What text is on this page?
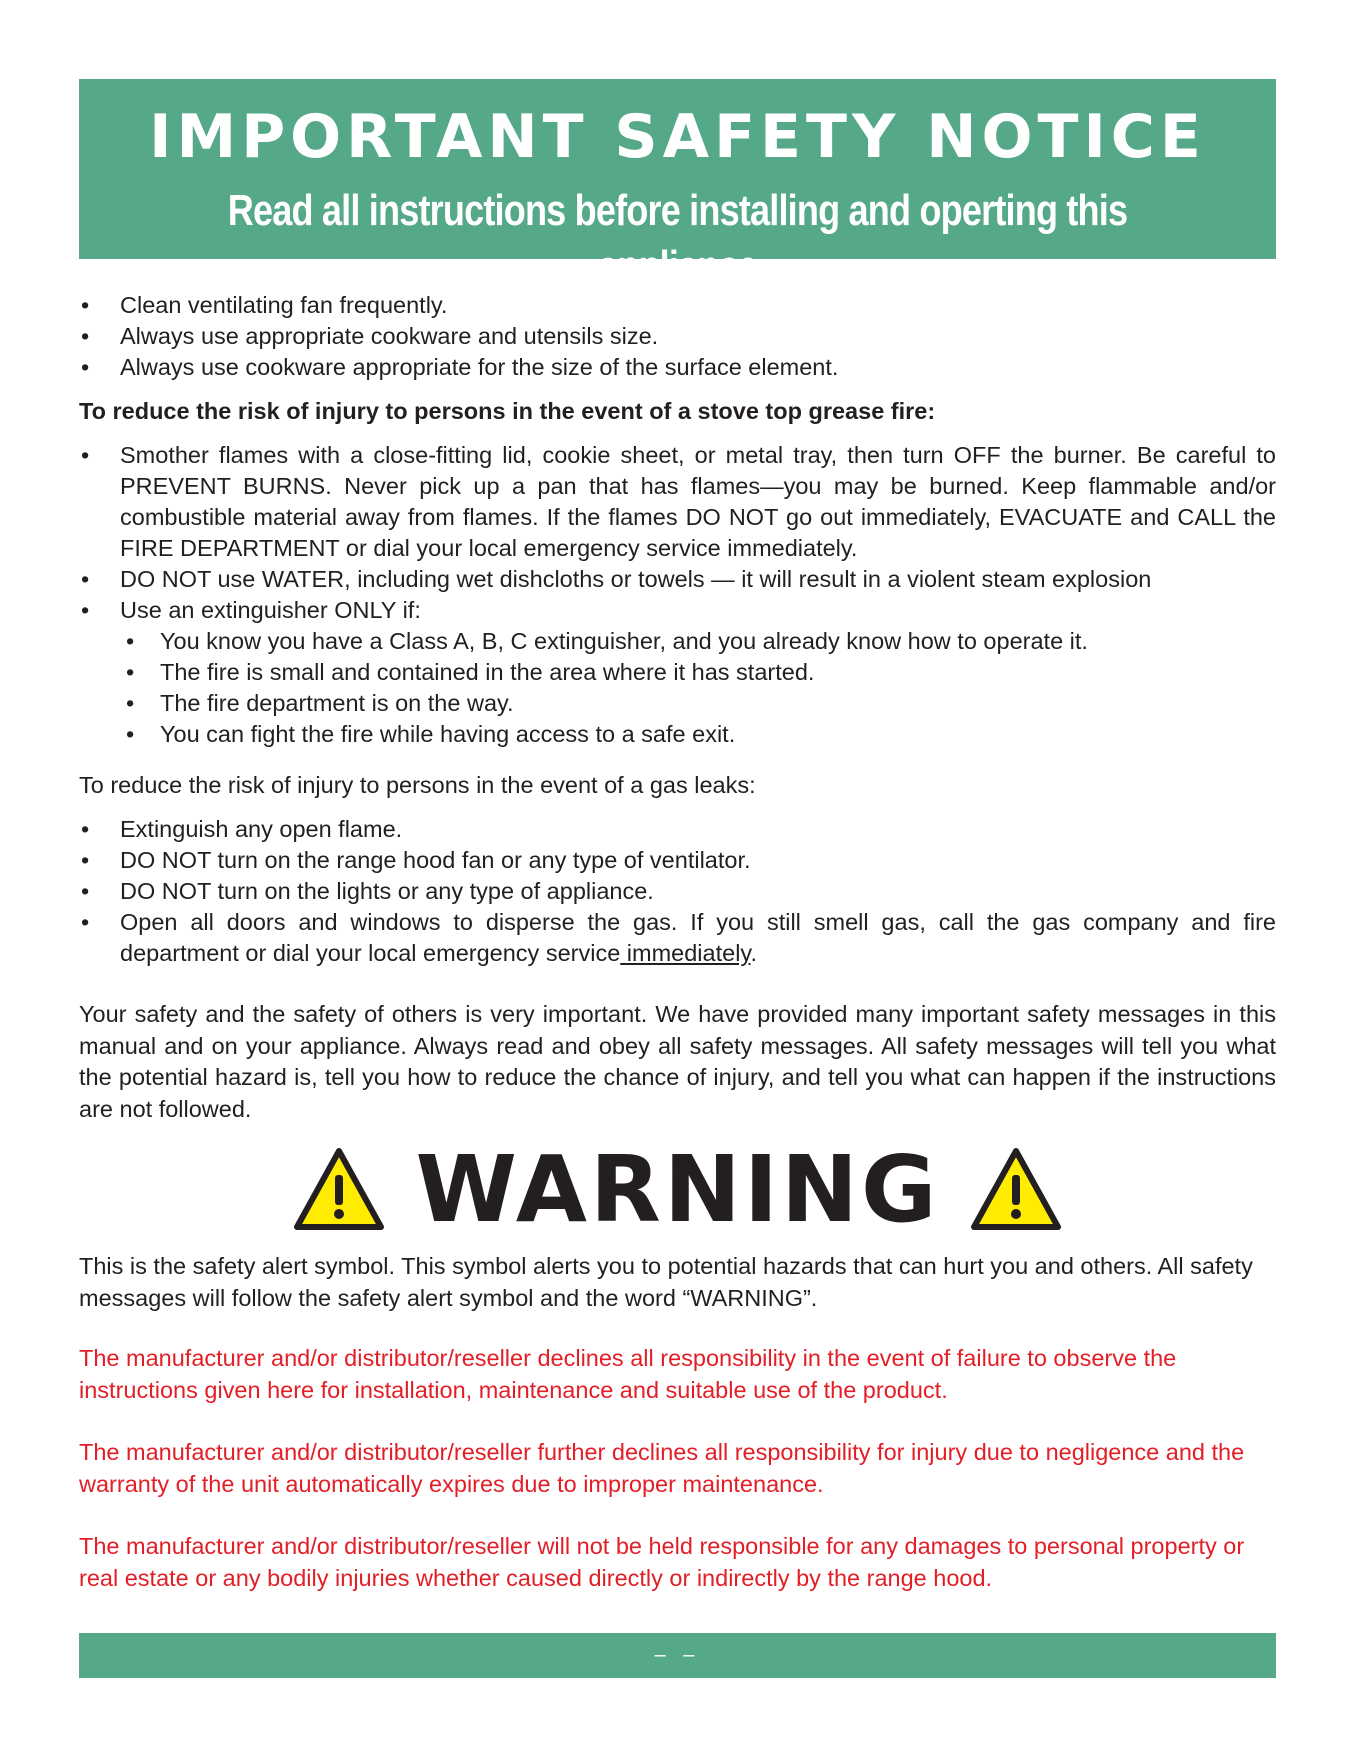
IMPORTANT SAFETY NOTICE
Read all instructions before installing and operting this appliance
• Clean ventilating fan frequently.
• Always use appropriate cookware and utensils size.
• Always use cookware appropriate for the size of the surface element.
To reduce the risk of injury to persons in the event of a stove top grease fire:
• Smother flames with a close-fitting lid, cookie sheet, or metal tray, then turn OFF the burner. Be careful to PREVENT BURNS. Never pick up a pan that has flames—you may be burned. Keep flammable and/or combustible material away from flames. If the flames DO NOT go out immediately, EVACUATE and CALL the FIRE DEPARTMENT or dial your local emergency service immediately.
• DO NOT use WATER, including wet dishcloths or towels — it will result in a violent steam explosion
• Use an extinguisher ONLY if:
• You know you have a Class A, B, C extinguisher, and you already know how to operate it.
• The fire is small and contained in the area where it has started.
• The fire department is on the way.
• You can fight the fire while having access to a safe exit.
To reduce the risk of injury to persons in the event of a gas leaks:
• Extinguish any open flame.
• DO NOT turn on the range hood fan or any type of ventilator.
• DO NOT turn on the lights or any type of appliance.
• Open all doors and windows to disperse the gas. If you still smell gas, call the gas company and fire department or dial your local emergency service immediately.
Your safety and the safety of others is very important. We have provided many important safety messages in this manual and on your appliance. Always read and obey all safety messages. All safety messages will tell you what the potential hazard is, tell you how to reduce the chance of injury, and tell you what can happen if the instructions are not followed.
WARNING
This is the safety alert symbol. This symbol alerts you to potential hazards that can hurt you and others. All safety messages will follow the safety alert symbol and the word “WARNING”.
The manufacturer and/or distributor/reseller declines all responsibility in the event of failure to observe the instructions given here for installation, maintenance and suitable use of the product.
The manufacturer and/or distributor/reseller further declines all responsibility for injury due to negligence and the warranty of the unit automatically expires due to improper maintenance.
The manufacturer and/or distributor/reseller will not be held responsible for any damages to personal property or real estate or any bodily injuries whether caused directly or indirectly by the range hood.
– –
